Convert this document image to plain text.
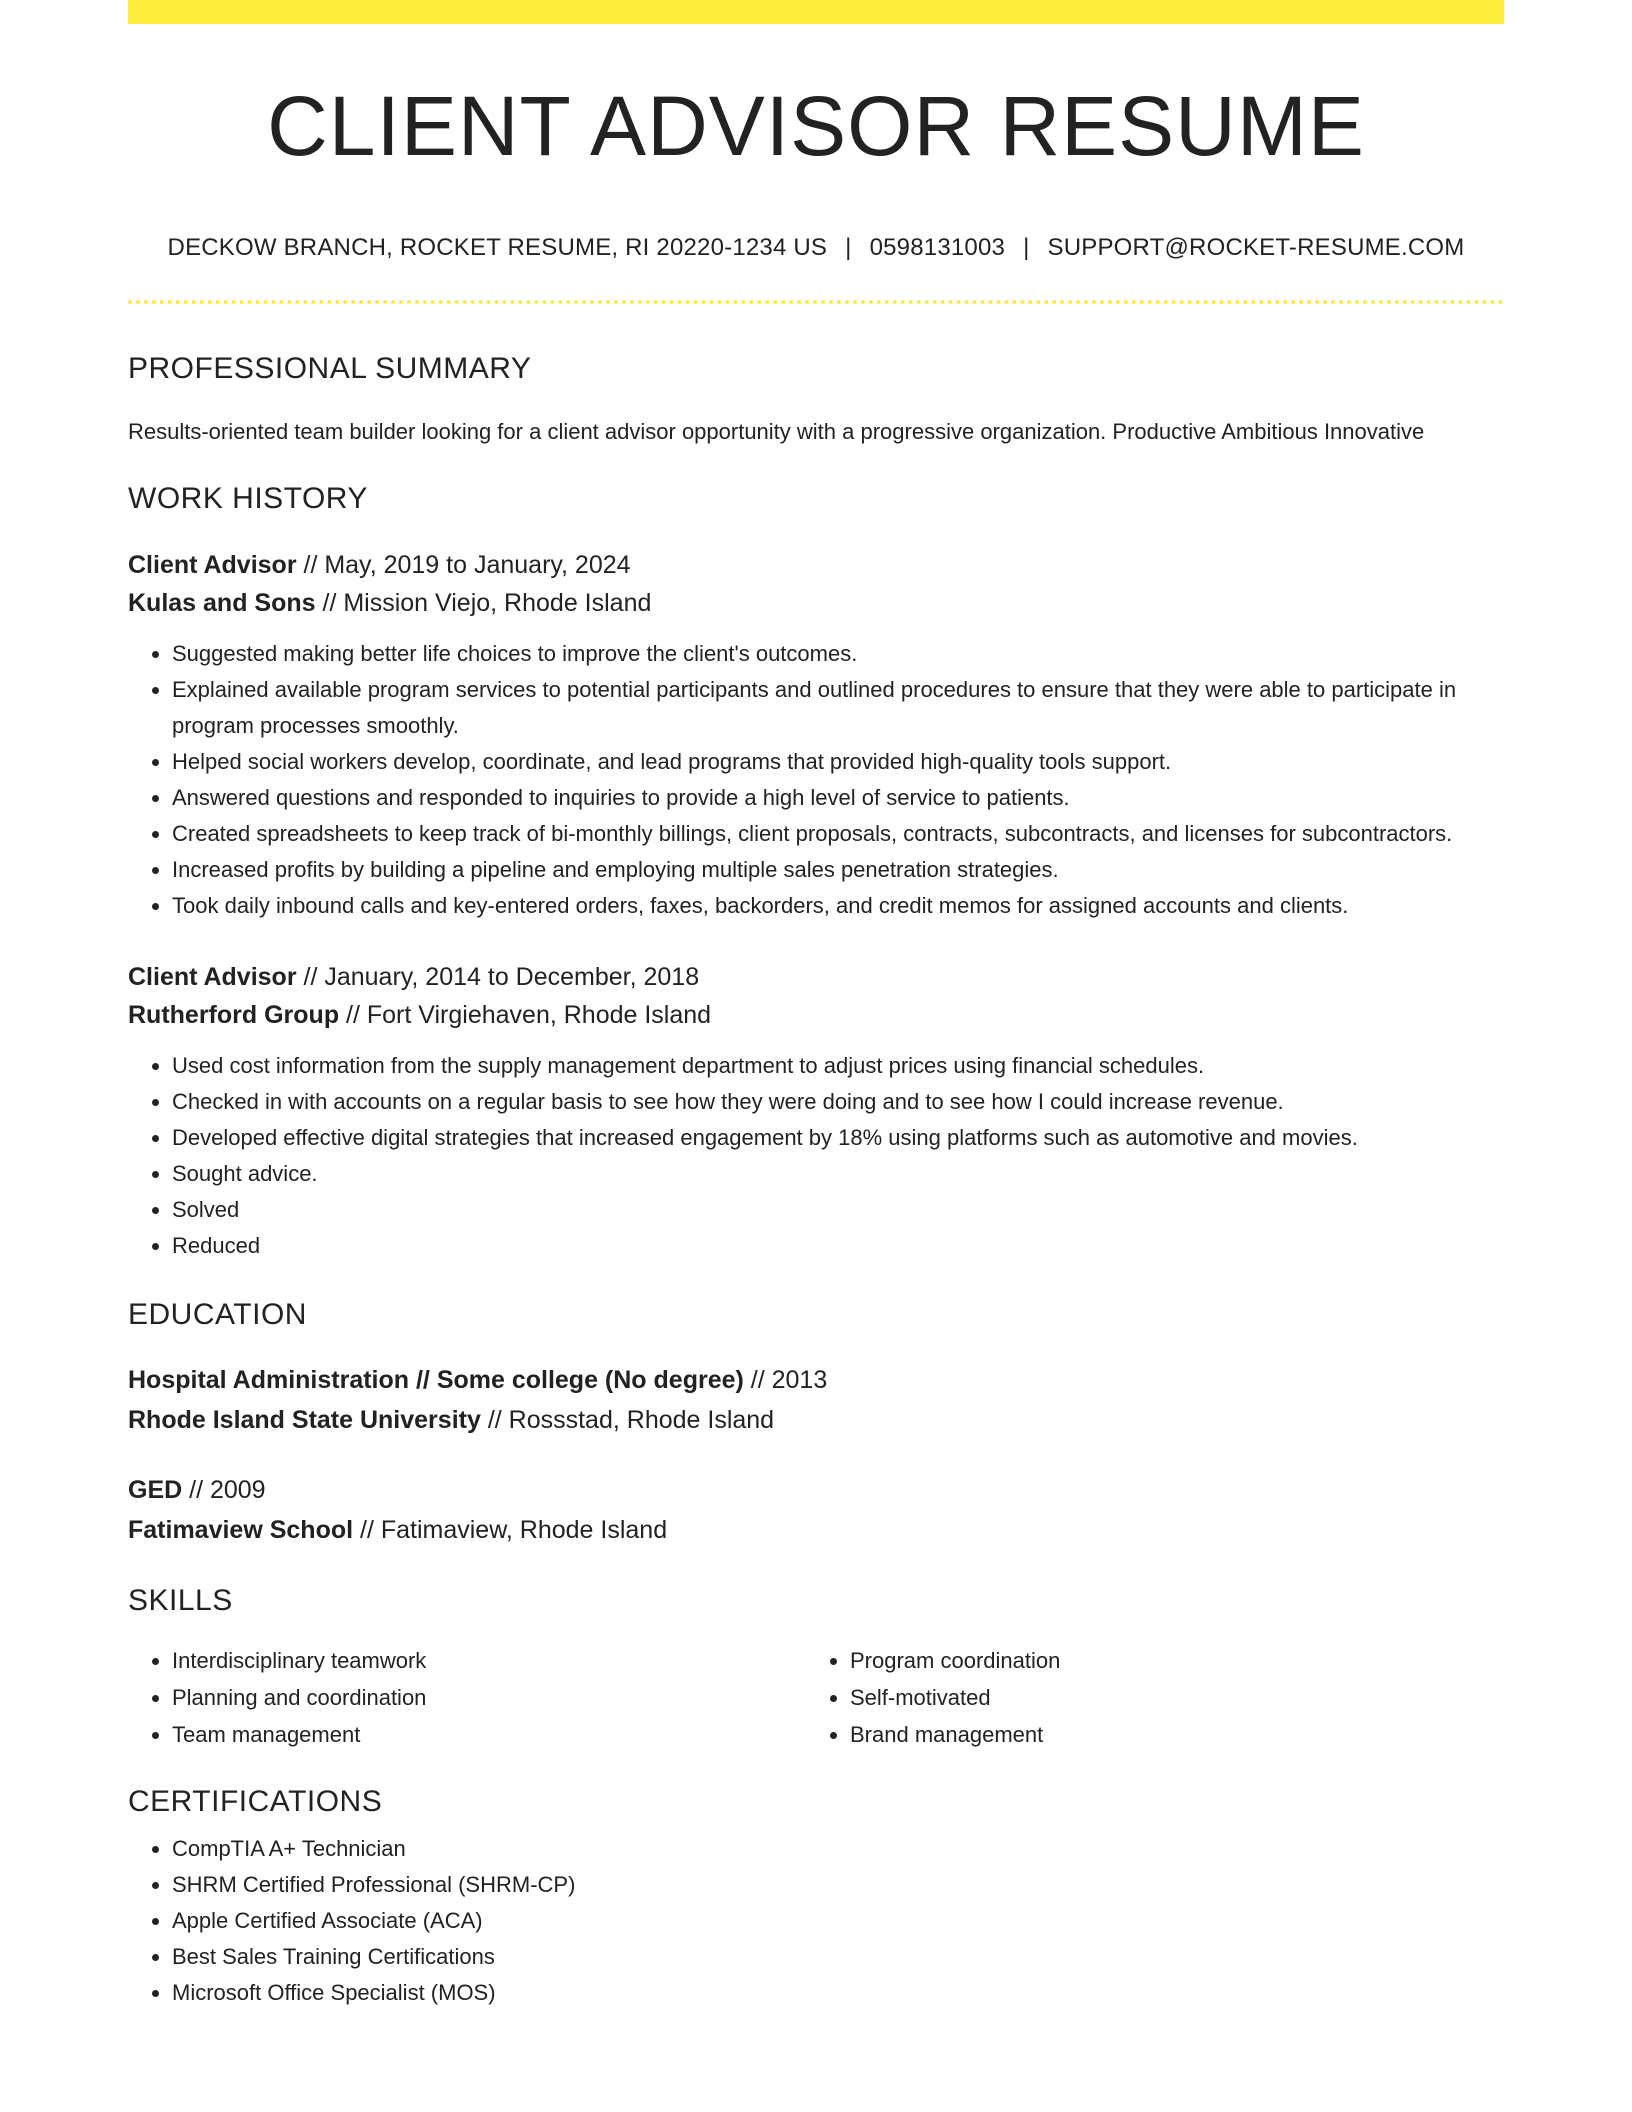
CLIENT ADVISOR RESUME
DECKOW BRANCH, ROCKET RESUME, RI 20220-1234 US | 0598131003 | SUPPORT@ROCKET-RESUME.COM
PROFESSIONAL SUMMARY
Results-oriented team builder looking for a client advisor opportunity with a progressive organization. Productive Ambitious Innovative
WORK HISTORY
Client Advisor // May, 2019 to January, 2024
Kulas and Sons // Mission Viejo, Rhode Island
• Suggested making better life choices to improve the client's outcomes.
• Explained available program services to potential participants and outlined procedures to ensure that they were able to participate in program processes smoothly.
• Helped social workers develop, coordinate, and lead programs that provided high-quality tools support.
• Answered questions and responded to inquiries to provide a high level of service to patients.
• Created spreadsheets to keep track of bi-monthly billings, client proposals, contracts, subcontracts, and licenses for subcontractors.
• Increased profits by building a pipeline and employing multiple sales penetration strategies.
• Took daily inbound calls and key-entered orders, faxes, backorders, and credit memos for assigned accounts and clients.
Client Advisor // January, 2014 to December, 2018
Rutherford Group // Fort Virgiehaven, Rhode Island
• Used cost information from the supply management department to adjust prices using financial schedules.
• Checked in with accounts on a regular basis to see how they were doing and to see how I could increase revenue.
• Developed effective digital strategies that increased engagement by 18% using platforms such as automotive and movies.
• Sought advice.
• Solved
• Reduced
EDUCATION
Hospital Administration // Some college (No degree) // 2013
Rhode Island State University // Rossstad, Rhode Island
GED // 2009
Fatimaview School // Fatimaview, Rhode Island
SKILLS
• Interdisciplinary teamwork
• Planning and coordination
• Team management
• Program coordination
• Self-motivated
• Brand management
CERTIFICATIONS
• CompTIA A+ Technician
• SHRM Certified Professional (SHRM-CP)
• Apple Certified Associate (ACA)
• Best Sales Training Certifications
• Microsoft Office Specialist (MOS)
